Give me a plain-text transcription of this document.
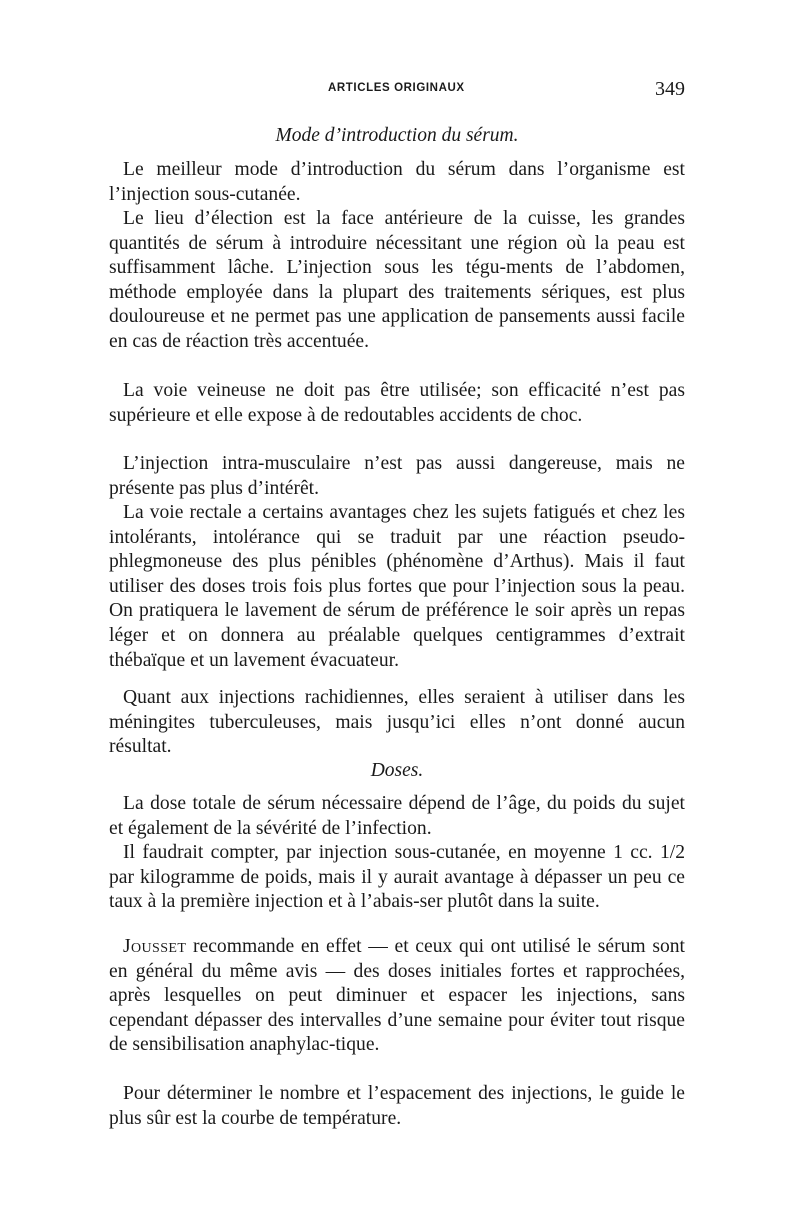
ARTICLES ORIGINAUX	349
Mode d’introduction du sérum.

Le meilleur mode d’introduction du sérum dans l’organisme est l’injection sous-cutanée.

Le lieu d’élection est la face antérieure de la cuisse, les grandes quantités de sérum à introduire nécessitant une région où la peau est suffisamment lâche. L’injection sous les tégu-ments de l’abdomen, méthode employée dans la plupart des traitements sériques, est plus douloureuse et ne permet pas une application de pansements aussi facile en cas de réaction très accentuée.

La voie veineuse ne doit pas être utilisée; son efficacité n’est pas supérieure et elle expose à de redoutables accidents de choc.

L’injection intra-musculaire n’est pas aussi dangereuse, mais ne présente pas plus d’intérêt.

La voie rectale a certains avantages chez les sujets fatigués et chez les intolérants, intolérance qui se traduit par une réaction pseudo-phlegmoneuse des plus pénibles (phénomène d’Arthus). Mais il faut utiliser des doses trois fois plus fortes que pour l’injection sous la peau. On pratiquera le lavement de sérum de préférence le soir après un repas léger et on donnera au préalable quelques centigrammes d’extrait thébaïque et un lavement évacuateur.

Quant aux injections rachidiennes, elles seraient à utiliser dans les méningites tuberculeuses, mais jusqu’ici elles n’ont donné aucun résultat.

Doses.

La dose totale de sérum nécessaire dépend de l’âge, du poids du sujet et également de la sévérité de l’infection.

Il faudrait compter, par injection sous-cutanée, en moyenne 1 cc. 1/2 par kilogramme de poids, mais il y aurait avantage à dépasser un peu ce taux à la première injection et à l’abais-ser plutôt dans la suite.

Jousset recommande en effet — et ceux qui ont utilisé le sérum sont en général du même avis — des doses initiales fortes et rapprochées, après lesquelles on peut diminuer et espacer les injections, sans cependant dépasser des intervalles d’une semaine pour éviter tout risque de sensibilisation anaphylac-tique.

Pour déterminer le nombre et l’espacement des injections, le guide le plus sûr est la courbe de température.
